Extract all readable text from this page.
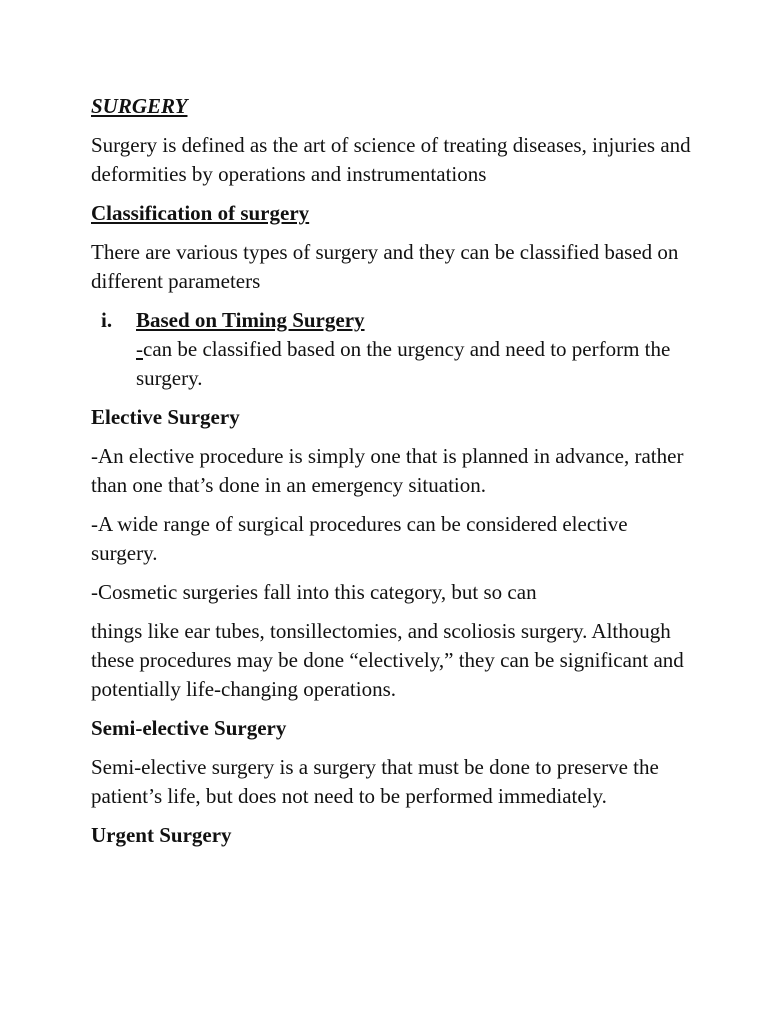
SURGERY
Surgery is defined as the art of science of treating diseases, injuries and deformities by operations and instrumentations
Classification of surgery
There are various types of surgery and they can be classified based on different parameters
i. Based on Timing Surgery
-can be classified based on the urgency and need to perform the surgery.
Elective Surgery
-An elective procedure is simply one that is planned in advance, rather than one that’s done in an emergency situation.
-A wide range of surgical procedures can be considered elective surgery.
-Cosmetic surgeries fall into this category, but so can
things like ear tubes, tonsillectomies, and scoliosis surgery. Although these procedures may be done “electively,” they can be significant and potentially life-changing operations.
Semi-elective Surgery
Semi-elective surgery is a surgery that must be done to preserve the patient’s life, but does not need to be performed immediately.
Urgent Surgery
